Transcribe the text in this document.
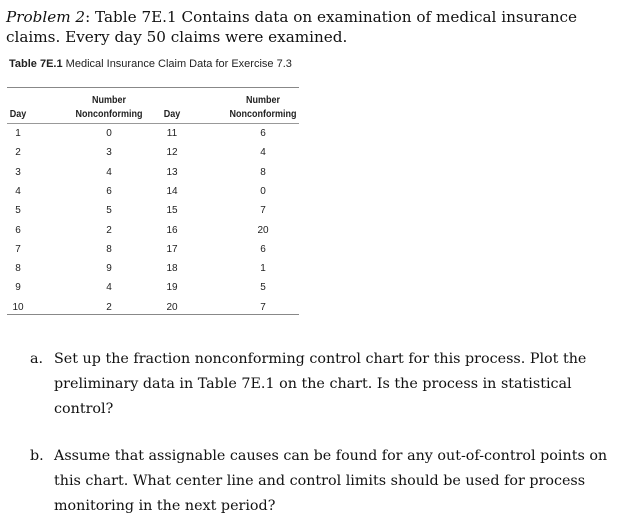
Problem 2: Table 7E.1 Contains data on examination of medical insurance claims. Every day 50 claims were examined.
Table 7E.1 Medical Insurance Claim Data for Exercise 7.3
Day
Number
Nonconforming Day
Number
Nonconforming
1
2
3
4
5
6
7
8
9
10
0
3
4
6
5
2
8
9
4
2
11
12
13
14
15
16
17
18
19
20
6
4
8
0
7
20
6
1
5
7
a. Set up the fraction nonconforming control chart for this process. Plot the preliminary data in Table 7E.1 on the chart. Is the process in statistical control?
b. Assume that assignable causes can be found for any out-of-control points on this chart. What center line and control limits should be used for process monitoring in the next period?
